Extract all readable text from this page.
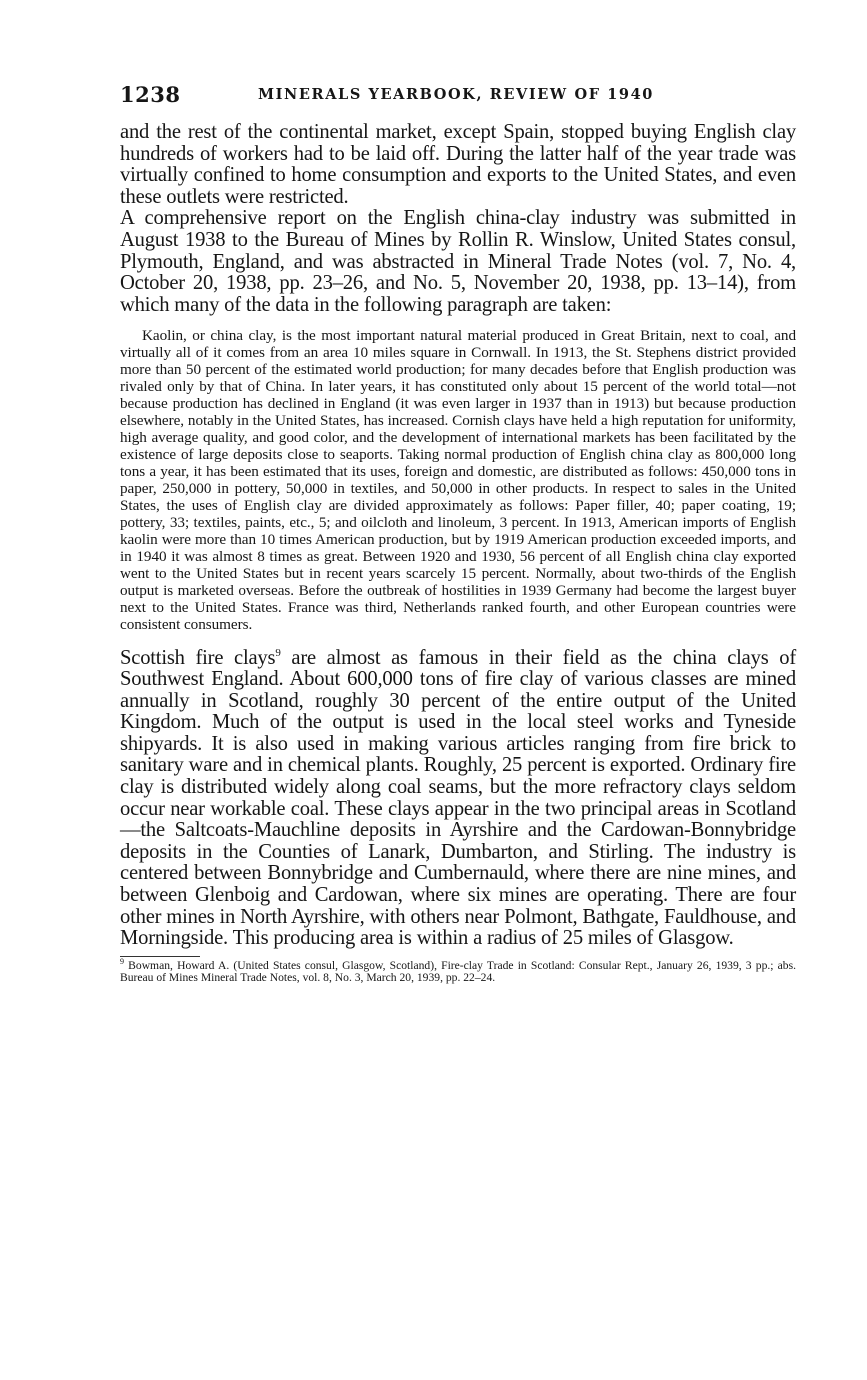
1238	MINERALS YEARBOOK, REVIEW OF 1940

and the rest of the continental market, except Spain, stopped buying English clay hundreds of workers had to be laid off. During the latter half of the year trade was virtually confined to home consumption and exports to the United States, and even these outlets were restricted.

A comprehensive report on the English china-clay industry was submitted in August 1938 to the Bureau of Mines by Rollin R. Winslow, United States consul, Plymouth, England, and was abstracted in Mineral Trade Notes (vol. 7, No. 4, October 20, 1938, pp. 23–26, and No. 5, November 20, 1938, pp. 13–14), from which many of the data in the following paragraph are taken:

Kaolin, or china clay, is the most important natural material produced in Great Britain, next to coal, and virtually all of it comes from an area 10 miles square in Cornwall. In 1913, the St. Stephens district provided more than 50 percent of the estimated world production; for many decades before that English production was rivaled only by that of China. In later years, it has constituted only about 15 percent of the world total—not because production has declined in England (it was even larger in 1937 than in 1913) but because production elsewhere, notably in the United States, has increased. Cornish clays have held a high reputation for uniformity, high average quality, and good color, and the development of international markets has been facilitated by the existence of large deposits close to seaports. Taking normal production of English china clay as 800,000 long tons a year, it has been estimated that its uses, foreign and domestic, are distributed as follows: 450,000 tons in paper, 250,000 in pottery, 50,000 in textiles, and 50,000 in other products. In respect to sales in the United States, the uses of English clay are divided approximately as follows: Paper filler, 40; paper coating, 19; pottery, 33; textiles, paints, etc., 5; and oilcloth and linoleum, 3 percent. In 1913, American imports of English kaolin were more than 10 times American production, but by 1919 American production exceeded imports, and in 1940 it was almost 8 times as great. Between 1920 and 1930, 56 percent of all English china clay exported went to the United States but in recent years scarcely 15 percent. Normally, about two-thirds of the English output is marketed overseas. Before the outbreak of hostilities in 1939 Germany had become the largest buyer next to the United States. France was third, Netherlands ranked fourth, and other European countries were consistent consumers.

Scottish fire clays$^9$ are almost as famous in their field as the china clays of Southwest England. About 600,000 tons of fire clay of various classes are mined annually in Scotland, roughly 30 percent of the entire output of the United Kingdom. Much of the output is used in the local steel works and Tyneside shipyards. It is also used in making various articles ranging from fire brick to sanitary ware and in chemical plants. Roughly, 25 percent is exported. Ordinary fire clay is distributed widely along coal seams, but the more refractory clays seldom occur near workable coal. These clays appear in the two principal areas in Scotland—the Saltcoats-Mauchline deposits in Ayrshire and the Cardowan-Bonnybridge deposits in the Counties of Lanark, Dumbarton, and Stirling. The industry is centered between Bonnybridge and Cumbernauld, where there are nine mines, and between Glenboig and Cardowan, where six mines are operating. There are four other mines in North Ayrshire, with others near Polmont, Bathgate, Fauldhouse, and Morningside. This producing area is within a radius of 25 miles of Glasgow.

$^9$ Bowman, Howard A. (United States consul, Glasgow, Scotland), Fire-clay Trade in Scotland: Consular Rept., January 26, 1939, 3 pp.; abs. Bureau of Mines Mineral Trade Notes, vol. 8, No. 3, March 20, 1939, pp. 22–24.
